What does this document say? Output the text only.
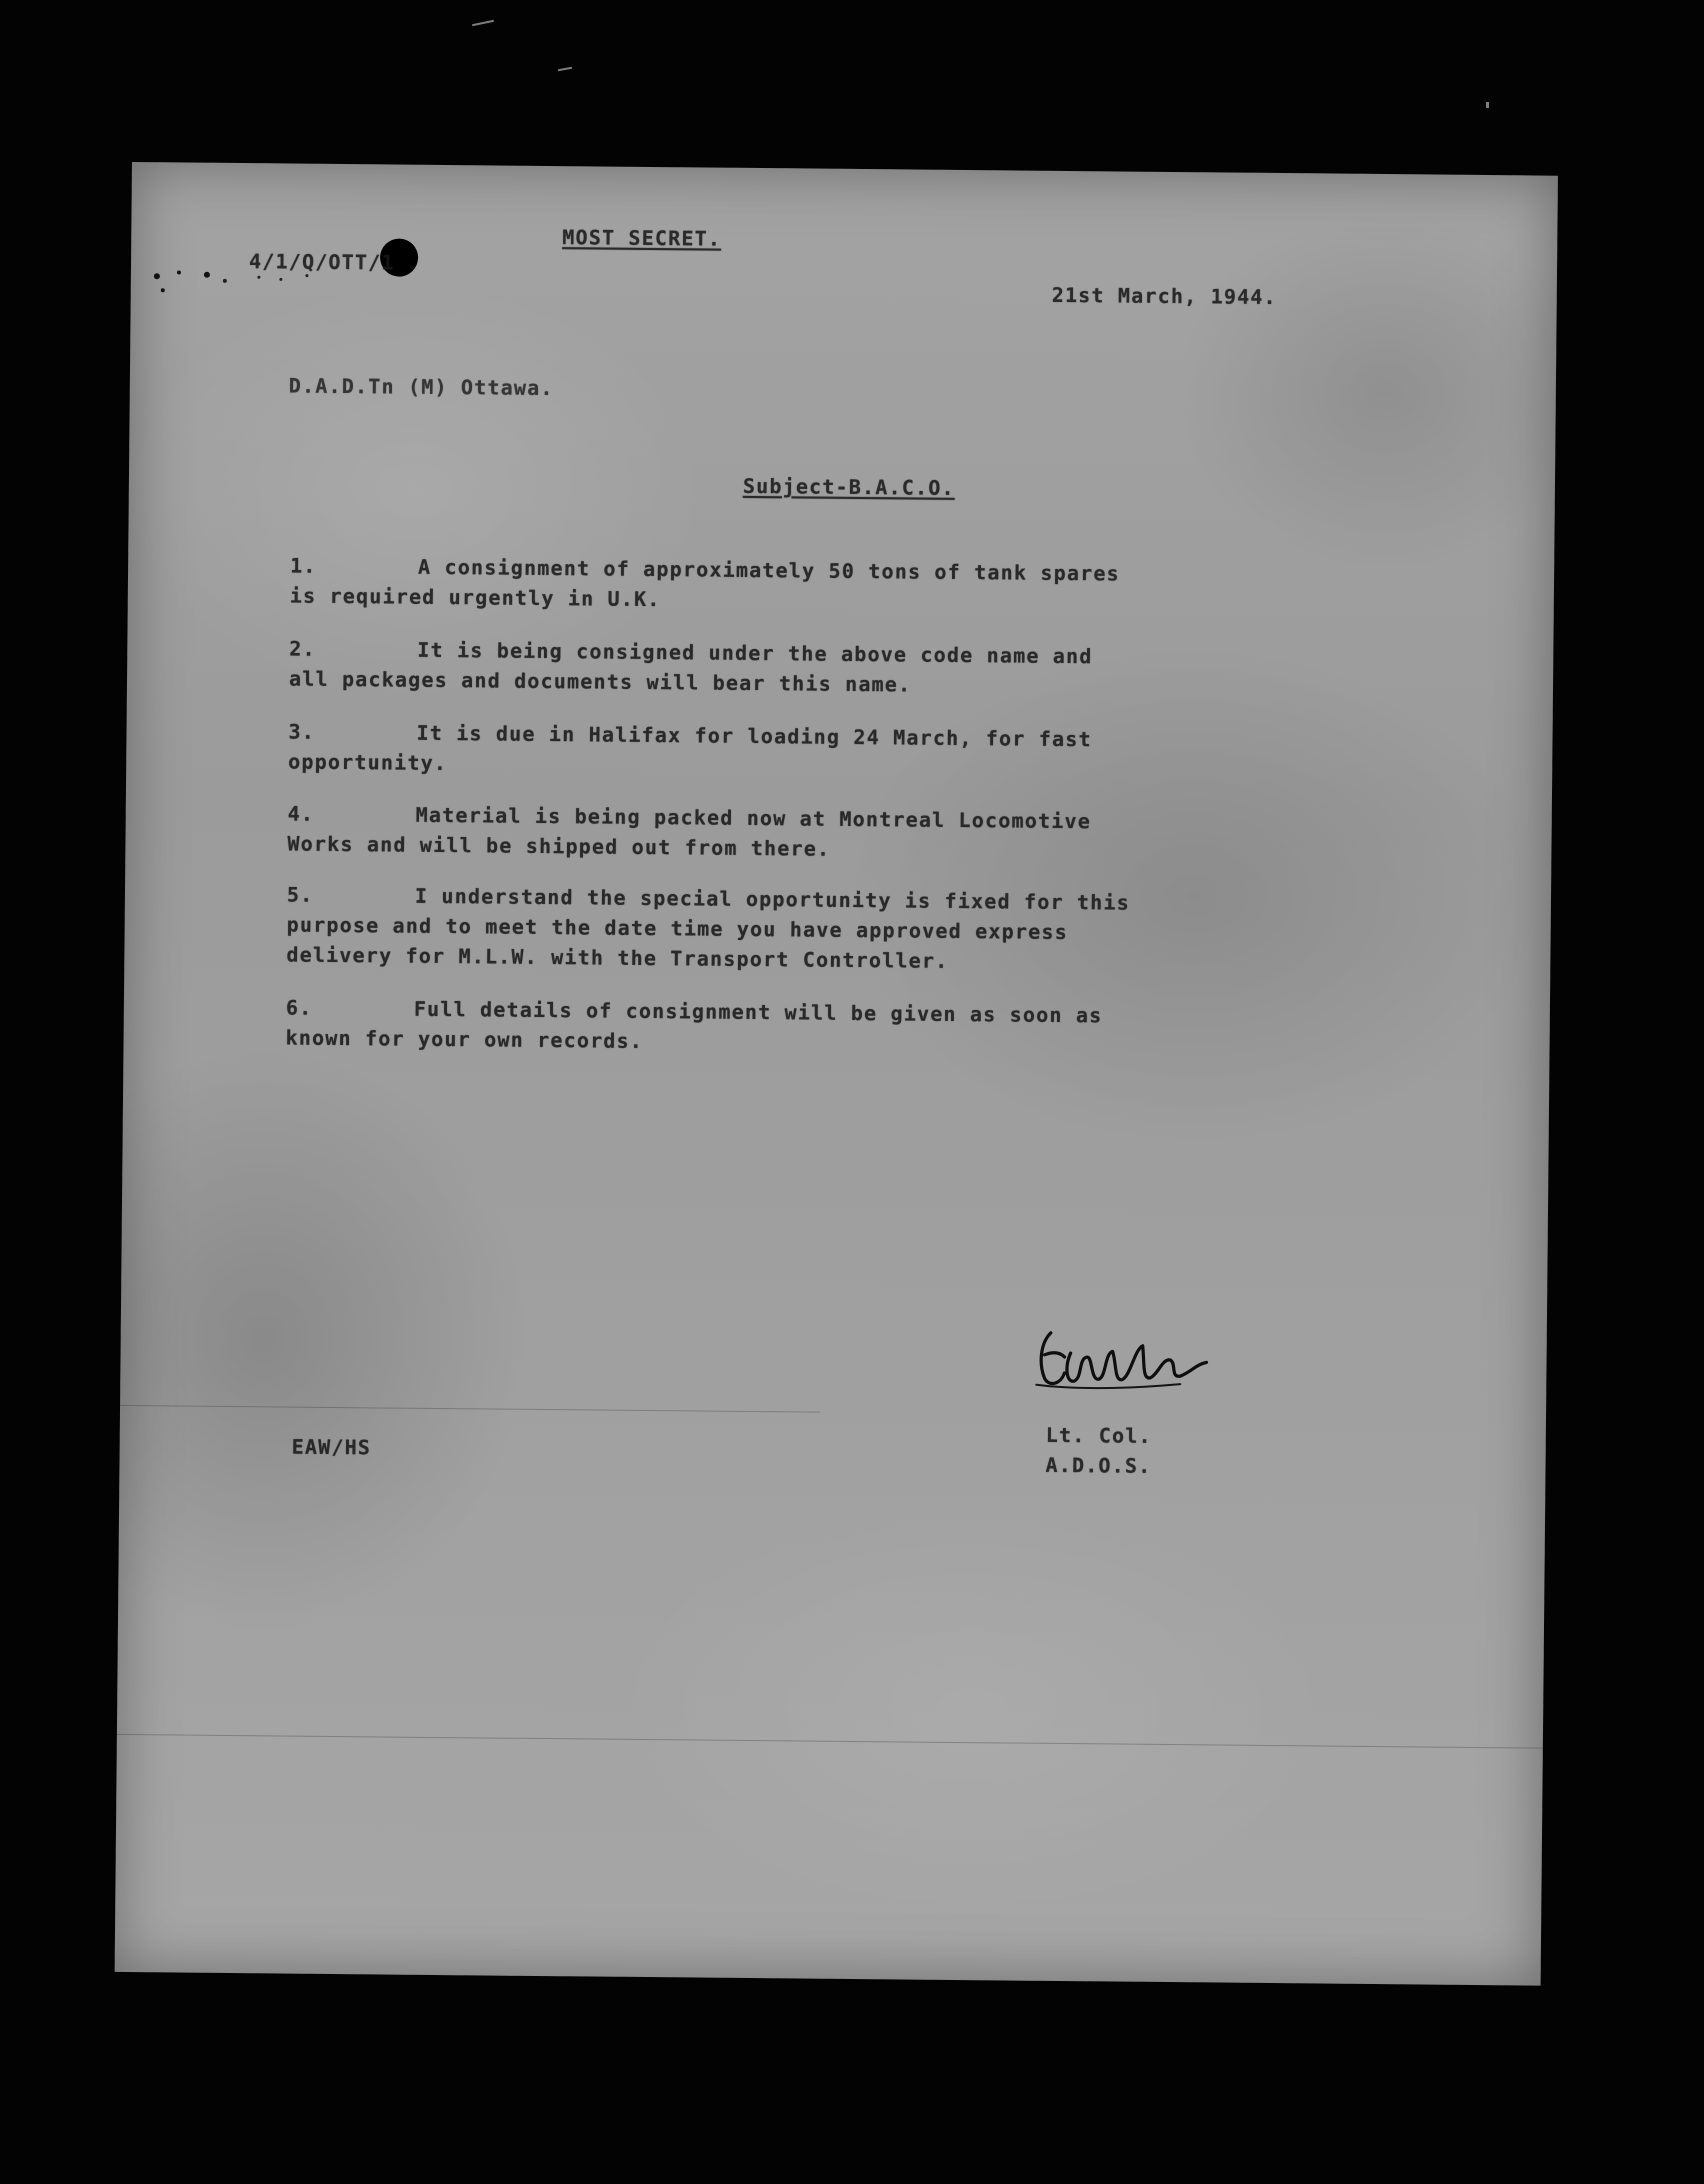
MOST SECRET.
4/1/Q/OTT/1
21st March, 1944.
D.A.D.Tn (M) Ottawa.
Subject-B.A.C.O.
1.	A consignment of approximately 50 tons of tank spares
is required urgently in U.K.
2.	It is being consigned under the above code name and
all packages and documents will bear this name.
3.	It is due in Halifax for loading 24 March, for fast
opportunity.
4.	Material is being packed now at Montreal Locomotive
Works and will be shipped out from there.
5.	I understand the special opportunity is fixed for this
purpose and to meet the date time you have approved express
delivery for M.L.W. with the Transport Controller.
6.	Full details of consignment will be given as soon as
known for your own records.
Lt. Col.
A.D.O.S.
EAW/HS
